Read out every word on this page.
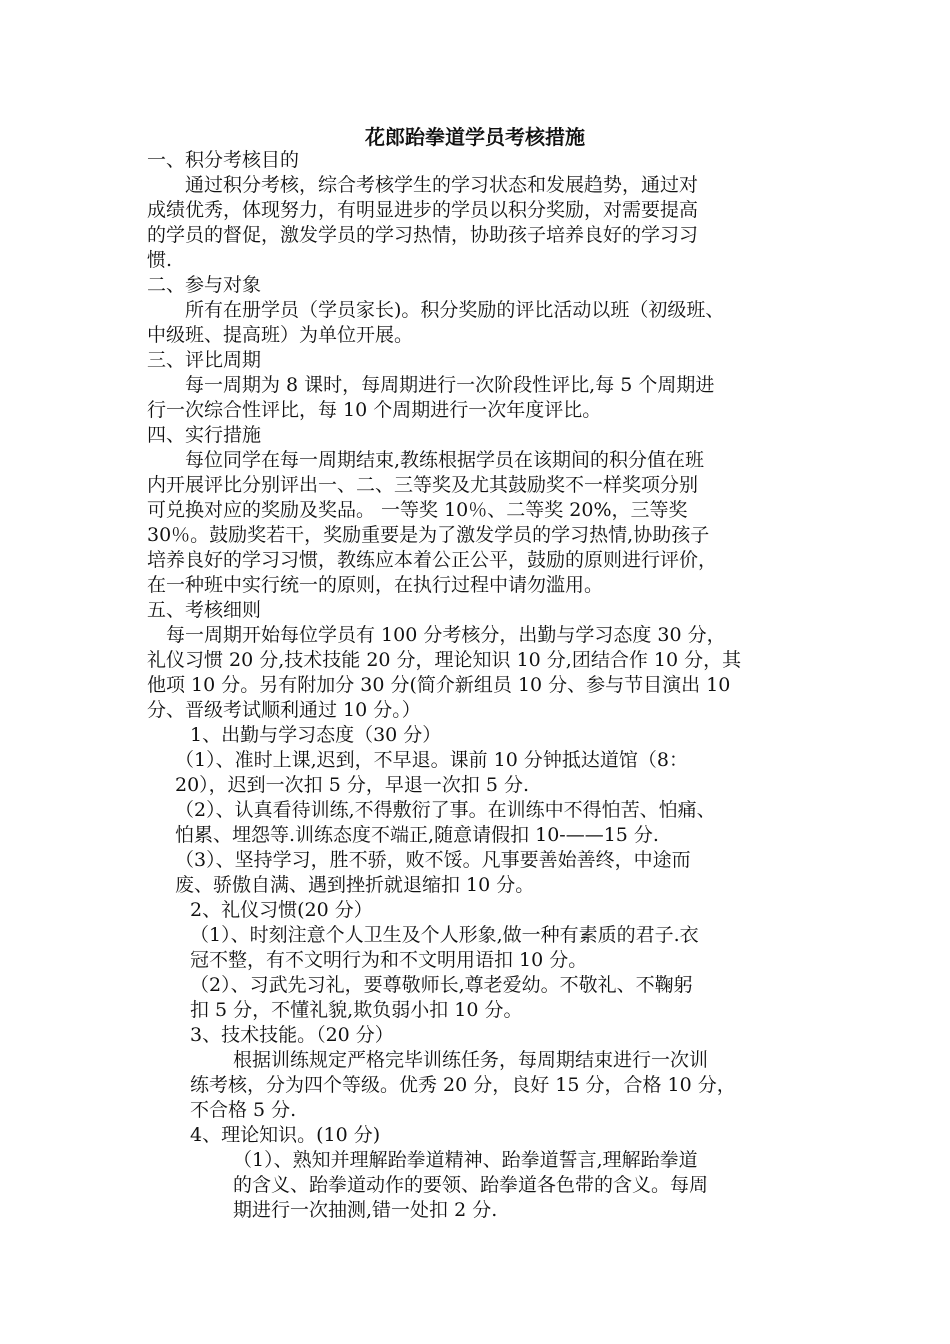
花郎跆拳道学员考核措施
一、积分考核目的
通过积分考核，综合考核学生的学习状态和发展趋势，通过对
成绩优秀，体现努力，有明显进步的学员以积分奖励，对需要提高
的学员的督促，激发学员的学习热情，协助孩子培养良好的学习习
惯.
二、参与对象
所有在册学员（学员家长)。积分奖励的评比活动以班（初级班、
中级班、提高班）为单位开展。
三、评比周期
每一周期为 8 课时，每周期进行一次阶段性评比,每 5 个周期进
行一次综合性评比，每 10 个周期进行一次年度评比。
四、实行措施
每位同学在每一周期结束,教练根据学员在该期间的积分值在班
内开展评比分别评出一、二、三等奖及尤其鼓励奖不一样奖项分别
可兑换对应的奖励及奖品。 一等奖 10％、二等奖 20%，三等奖
30％。鼓励奖若干，奖励重要是为了激发学员的学习热情,协助孩子
培养良好的学习习惯，教练应本着公正公平，鼓励的原则进行评价，
在一种班中实行统一的原则，在执行过程中请勿滥用。
五、考核细则
每一周期开始每位学员有 100 分考核分，出勤与学习态度 30 分，
礼仪习惯 20 分,技术技能 20 分，理论知识 10 分,团结合作 10 分，其
他项 10 分。另有附加分 30 分(简介新组员 10 分、参与节目演出 10
分、晋级考试顺利通过 10 分。）
1、出勤与学习态度（30 分）
（1）、准时上课,迟到，不早退。课前 10 分钟抵达道馆（8：
20），迟到一次扣 5 分，早退一次扣 5 分.
（2）、认真看待训练,不得敷衍了事。在训练中不得怕苦、怕痛、
怕累、埋怨等.训练态度不端正,随意请假扣 10-——15 分.
（3）、坚持学习，胜不骄，败不馁。凡事要善始善终，中途而
废、骄傲自满、遇到挫折就退缩扣 10 分。
2、礼仪习惯(20 分）
（1）、时刻注意个人卫生及个人形象,做一种有素质的君子.衣
冠不整，有不文明行为和不文明用语扣 10 分。
（2）、习武先习礼，要尊敬师长,尊老爱幼。不敬礼、不鞠躬
扣 5 分，不懂礼貌,欺负弱小扣 10 分。
3、技术技能。（20 分）
根据训练规定严格完毕训练任务，每周期结束进行一次训
练考核，分为四个等级。优秀 20 分，良好 15 分，合格 10 分，
不合格 5 分.
4、理论知识。(10 分)
（1）、熟知并理解跆拳道精神、跆拳道誓言,理解跆拳道
的含义、跆拳道动作的要领、跆拳道各色带的含义。每周
期进行一次抽测,错一处扣 2 分.
